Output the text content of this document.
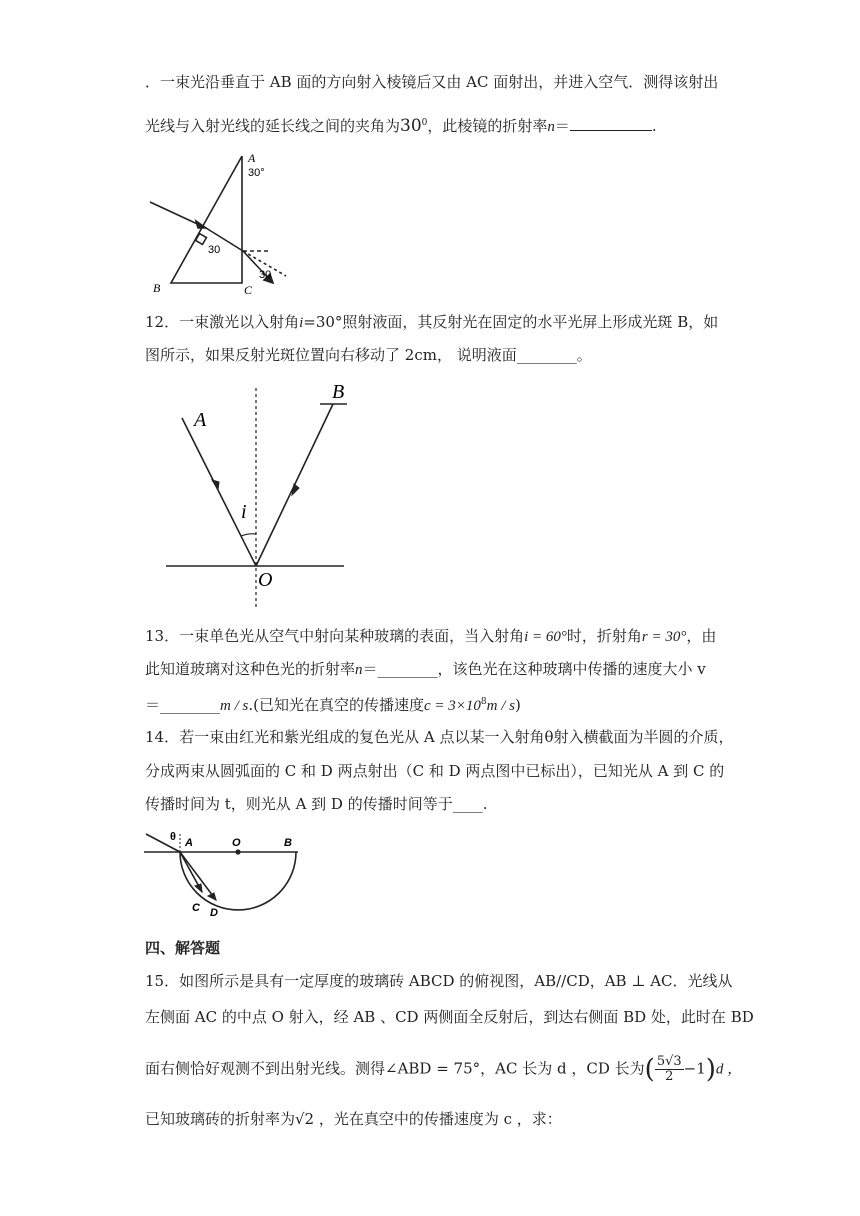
．一束光沿垂直于 AB 面的方向射入棱镜后又由 AC 面射出，并进入空气．测得该射出
光线与入射光线的延长线之间的夹角为$30^0$，此棱镜的折射率n＝	.
A
30°
B	C
30
30
12．一束激光以入射角i=30°照射液面，其反射光在固定的水平光屏上形成光斑 B，如
图所示，如果反射光斑位置向右移动了 2cm， 说明液面________。
A
B
i
O
13．一束单色光从空气中射向某种玻璃的表面，当入射角i = 60°时，折射角r = 30°，由
此知道玻璃对这种色光的折射率n＝________，该色光在这种玻璃中传播的速度大小 v
＝________m / s.(已知光在真空的传播速度$c = 3\times 10^8m / s$)
14．若一束由红光和紫光组成的复色光从 A 点以某一入射角θ射入横截面为半圆的介质，
分成两束从圆弧面的 C 和 D 两点射出（C 和 D 两点图中已标出），已知光从 A 到 C 的
传播时间为 t，则光从 A 到 D 的传播时间等于____.
θ A	O	B
C D
四、解答题
15．如图所示是具有一定厚度的玻璃砖 ABCD 的俯视图，AB//CD，AB ⊥ AC．光线从
左侧面 AC 的中点 O 射入，经 AB 、CD 两侧面全反射后，到达右侧面 BD 处，此时在 BD
面右侧恰好观测不到出射光线。测得∠ABD = 75°，AC 长为 d ，CD 长为( $\frac{5√3}{2} -1)d$ ，
已知玻璃砖的折射率为√2 ，光在真空中的传播速度为 c ，求：
